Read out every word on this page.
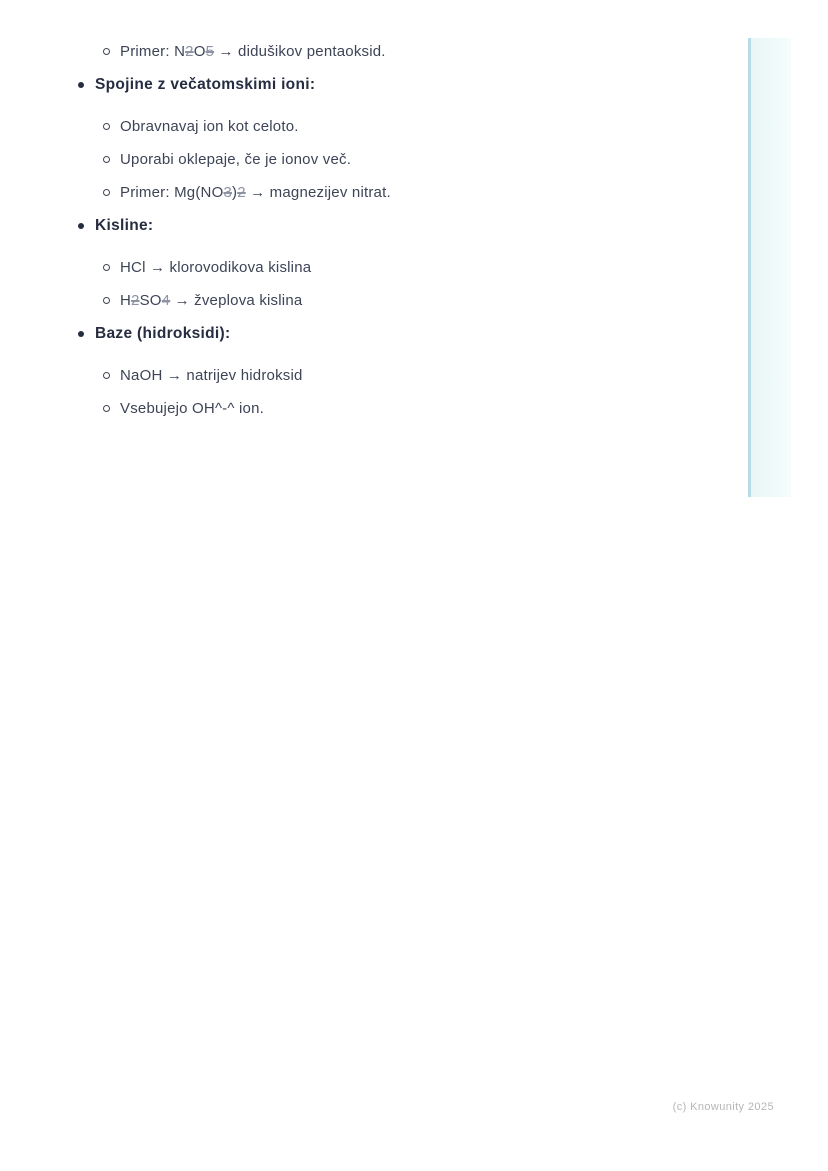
Primer: N2O5 → didušikov pentaoksid.
Spojine z večatomskimi ioni:
Obravnavaj ion kot celoto.
Uporabi oklepaje, če je ionov več.
Primer: Mg(NO3)2 → magnezijev nitrat.
Kisline:
HCl → klorovodikova kislina
H2SO4 → žveplova kislina
Baze (hidroksidi):
NaOH → natrijev hidroksid
Vsebujejo OH^-^ ion.
(c) Knowunity 2025
